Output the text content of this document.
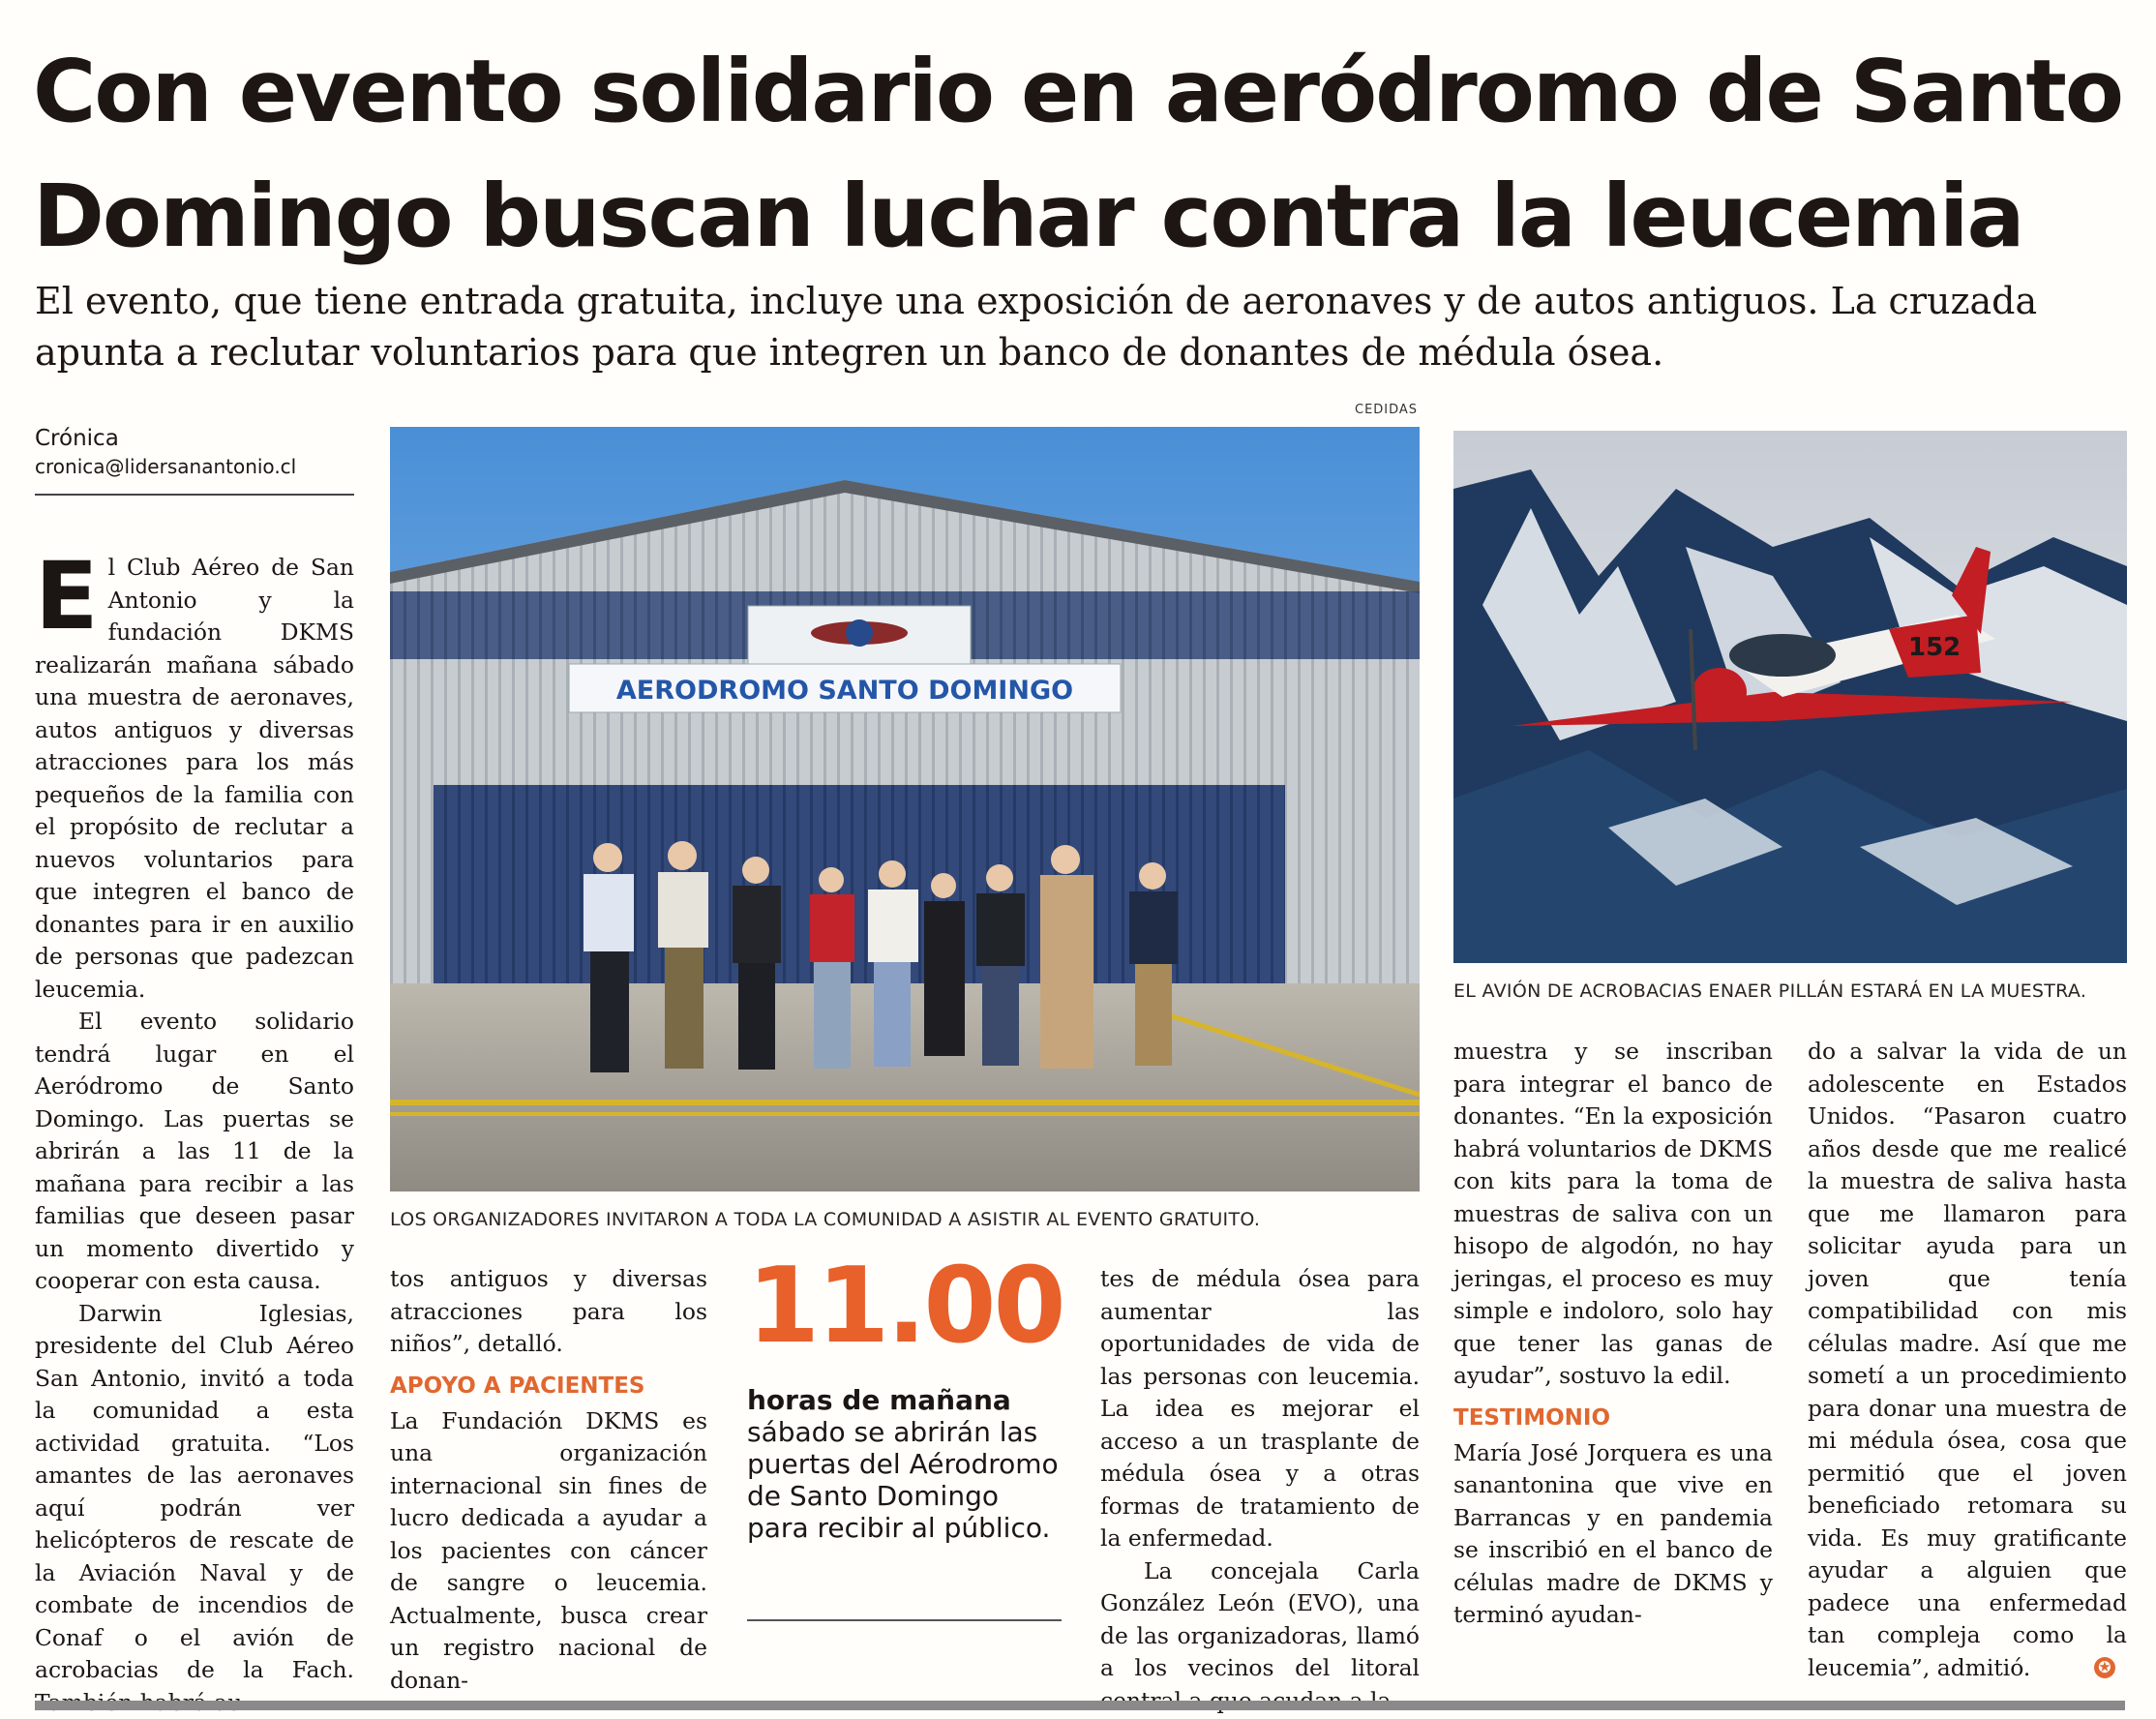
Con evento solidario en aeródromo de Santo Domingo buscan luchar contra la leucemia

El evento, que tiene entrada gratuita, incluye una exposición de aeronaves y de autos antiguos. La cruzada apunta a reclutar voluntarios para que integren un banco de donantes de médula ósea.

Crónica
cronica@lidersanantonio.cl

El Club Aéreo de San Antonio y la fundación DKMS realizarán mañana sábado una muestra de aeronaves, autos antiguos y diversas atracciones para los más pequeños de la familia con el propósito de reclutar a nuevos voluntarios para que integren el banco de donantes para ir en auxilio de personas que padezcan leucemia.

El evento solidario tendrá lugar en el Aeródromo de Santo Domingo. Las puertas se abrirán a las 11 de la mañana para recibir a las familias que deseen pasar un momento divertido y cooperar con esta causa.

Darwin Iglesias, presidente del Club Aéreo San Antonio, invitó a toda la comunidad a esta actividad gratuita. “Los amantes de las aeronaves aquí podrán ver helicópteros de rescate de la Aviación Naval y de combate de incendios de Conaf o el avión de acrobacias de la Fach.

CEDIDAS
AERODROMO SANTO DOMINGO
LOS ORGANIZADORES INVITARON A TODA LA COMUNIDAD A ASISTIR AL EVENTO GRATUITO.
152
EL AVIÓN DE ACROBACIAS ENAER PILLÁN ESTARÁ EN LA MUESTRA.

tos antiguos y diversas atracciones para los niños”, detalló.

APOYO A PACIENTES

La Fundación DKMS es una organización internacional sin fines de lucro dedicada a ayudar a los pacientes con cáncer de sangre o leucemia. Actualmente, busca crear un registro nacional de donan-

11.00
horas de mañana sábado se abrirán las puertas del Aérodromo de Santo Domingo para recibir al público.

tes de médula ósea para aumentar las oportunidades de vida de las personas con leucemia. La idea es mejorar el acceso a un trasplante de médula ósea y a otras formas de tratamiento de la enfermedad.

La concejala Carla González León (EVO), una de las organizadoras, llamó a los vecinos del litoral

muestra y se inscriban para integrar el banco de donantes. “En la exposición habrá voluntarios de DKMS con kits para la toma de muestras de saliva con un hisopo de algodón, no hay jeringas, el proceso es muy simple e indoloro, solo hay que tener las ganas de ayudar”, sostuvo la edil.

TESTIMONIO

María José Jorquera es una sanantonina que vive en Barrancas y en pandemia se inscribió en el banco de células madre de DKMS y terminó ayudan-

do a salvar la vida de un adolescente en Estados Unidos. “Pasaron cuatro años desde que me realicé la muestra de saliva hasta que me llamaron para solicitar ayuda para un joven que tenía compatibilidad con mis células madre. Así que me sometí a un procedimiento para donar una muestra de mi médula ósea, cosa que permitió que el joven beneficiado retomara su vida. Es muy gratificante ayudar a alguien que padece una enfermedad tan compleja como la leucemia”, admitió.	✪
